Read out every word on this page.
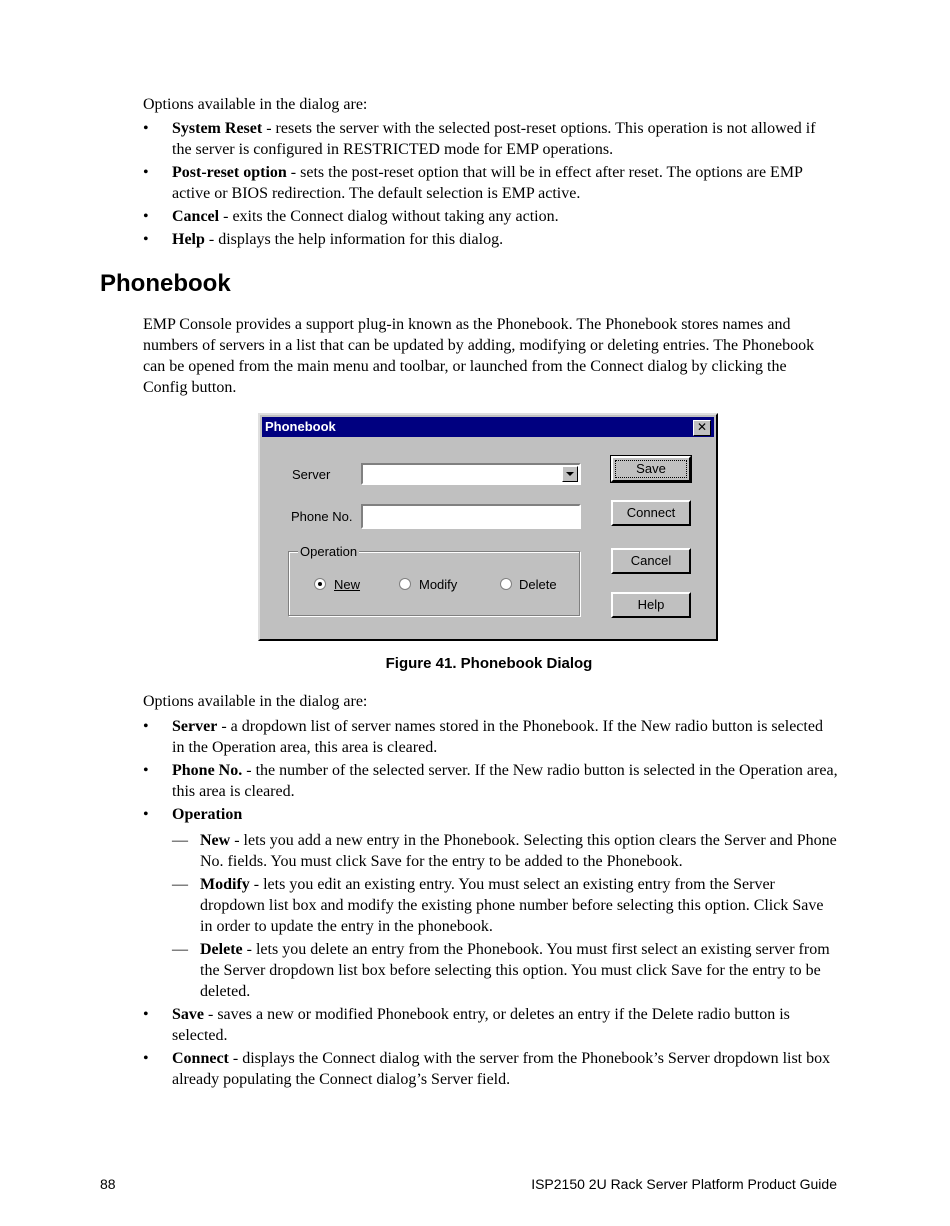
Options available in the dialog are:
• System Reset - resets the server with the selected post-reset options. This operation is not allowed if the server is configured in RESTRICTED mode for EMP operations.
• Post-reset option - sets the post-reset option that will be in effect after reset. The options are EMP active or BIOS redirection. The default selection is EMP active.
• Cancel - exits the Connect dialog without taking any action.
• Help - displays the help information for this dialog.
Phonebook

EMP Console provides a support plug-in known as the Phonebook. The Phonebook stores names and numbers of servers in a list that can be updated by adding, modifying or deleting entries. The Phonebook can be opened from the main menu and toolbar, or launched from the Connect dialog by clicking the Config button.

Phonebook	✕
Server
Phone No.
Operation
New	Modify	Delete
Save
Connect
Cancel
Help
Figure 41. Phonebook Dialog
Options available in the dialog are:
• Server - a dropdown list of server names stored in the Phonebook. If the New radio button is selected in the Operation area, this area is cleared.
• Phone No. - the number of the selected server. If the New radio button is selected in the Operation area, this area is cleared.
• Operation
— New - lets you add a new entry in the Phonebook. Selecting this option clears the Server and Phone No. fields. You must click Save for the entry to be added to the Phonebook.
— Modify - lets you edit an existing entry. You must select an existing entry from the Server dropdown list box and modify the existing phone number before selecting this option. Click Save in order to update the entry in the phonebook.
— Delete - lets you delete an entry from the Phonebook. You must first select an existing server from the Server dropdown list box before selecting this option. You must click Save for the entry to be deleted.
• Save - saves a new or modified Phonebook entry, or deletes an entry if the Delete radio button is selected.
• Connect - displays the Connect dialog with the server from the Phonebook’s Server dropdown list box already populating the Connect dialog’s Server field.
88	ISP2150 2U Rack Server Platform Product Guide
